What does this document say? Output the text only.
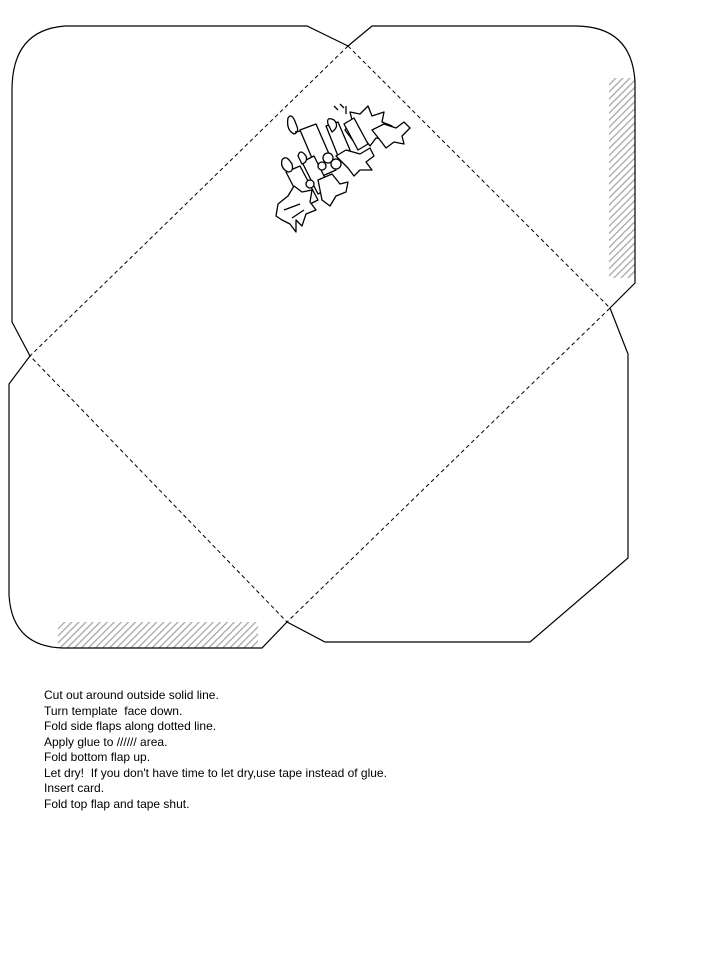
Cut out around outside solid line.
Turn template  face down.
Fold side flaps along dotted line.
Apply glue to ////// area.
Fold bottom flap up.
Let dry!  If you don't have time to let dry,use tape instead of glue.
Insert card.
Fold top flap and tape shut.
